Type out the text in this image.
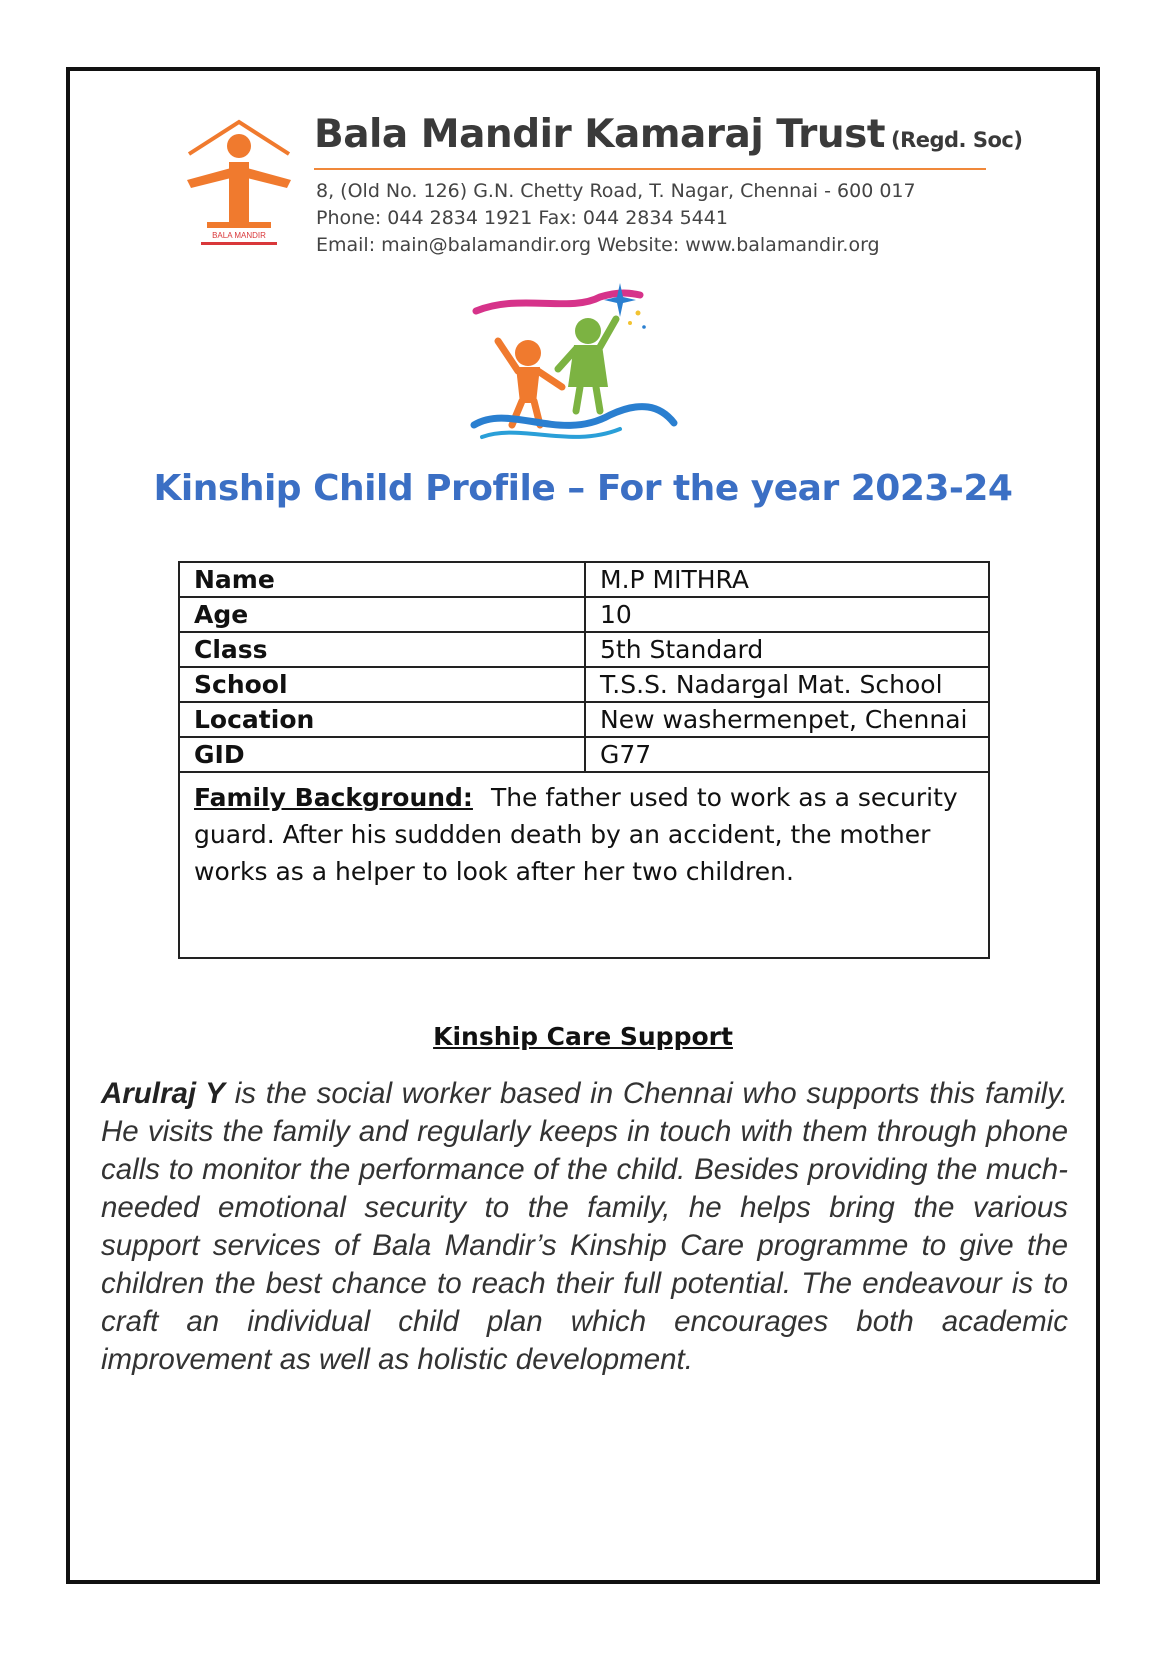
BALA MANDIR
Bala Mandir Kamaraj Trust (Regd. Soc)
8, (Old No. 126) G.N. Chetty Road, T. Nagar, Chennai - 600 017
Phone: 044 2834 1921 Fax: 044 2834 5441
Email: main@balamandir.org Website: www.balamandir.org
Kinship Child Profile – For the year 2023-24
Name	M.P MITHRA
Age	10
Class	5th Standard
School	T.S.S. Nadargal Mat. School
Location	New washermenpet, Chennai
GID	G77
Family Background: The father used to work as a security guard. After his suddden death by an accident, the mother works as a helper to look after her two children.	
Kinship Care Support
Arulraj Y is the social worker based in Chennai who supports this family. He visits the family and regularly keeps in touch with them through phone calls to monitor the performance of the child. Besides providing the much-needed emotional security to the family, he helps bring the various support services of Bala Mandir’s Kinship Care programme to give the children the best chance to reach their full potential. The endeavour is to craft an individual child plan which encourages both academic improvement as well as holistic development.
